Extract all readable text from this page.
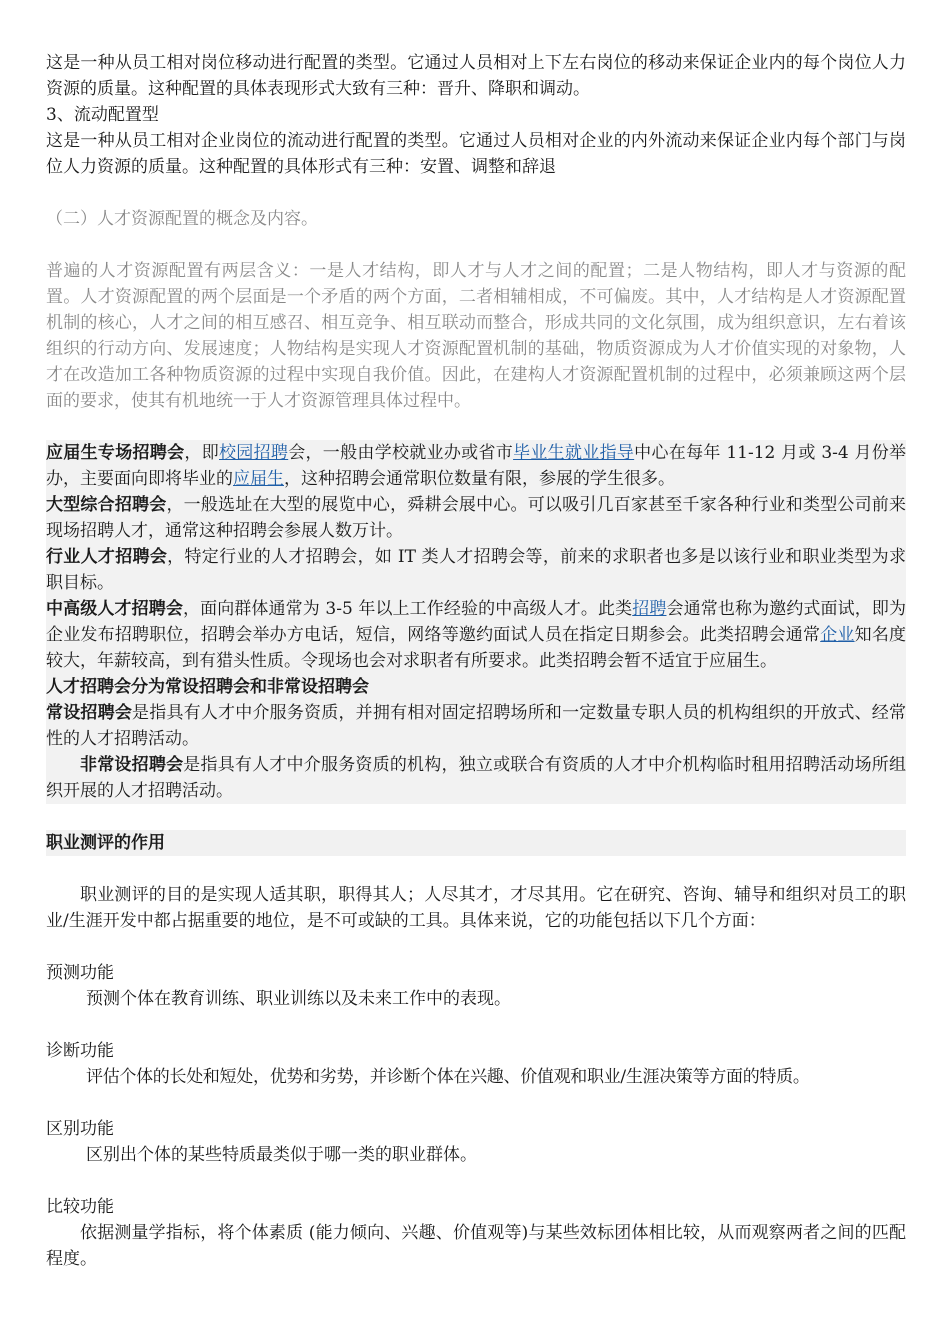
这是一种从员工相对岗位移动进行配置的类型。它通过人员相对上下左右岗位的移动来保证企业内的每个岗位人力资源的质量。这种配置的具体表现形式大致有三种：晋升、降职和调动。

3、流动配置型

这是一种从员工相对企业岗位的流动进行配置的类型。它通过人员相对企业的内外流动来保证企业内每个部门与岗位人力资源的质量。这种配置的具体形式有三种：安置、调整和辞退

（二）人才资源配置的概念及内容。

普遍的人才资源配置有两层含义：一是人才结构，即人才与人才之间的配置；二是人物结构，即人才与资源的配置。人才资源配置的两个层面是一个矛盾的两个方面，二者相辅相成，不可偏废。其中，人才结构是人才资源配置机制的核心，人才之间的相互感召、相互竞争、相互联动而整合，形成共同的文化氛围，成为组织意识，左右着该组织的行动方向、发展速度；人物结构是实现人才资源配置机制的基础，物质资源成为人才价值实现的对象物，人才在改造加工各种物质资源的过程中实现自我价值。因此，在建构人才资源配置机制的过程中，必须兼顾这两个层面的要求，使其有机地统一于人才资源管理具体过程中。

应届生专场招聘会，即校园招聘会，一般由学校就业办或省市毕业生就业指导中心在每年 11-12 月或 3-4 月份举办，主要面向即将毕业的应届生，这种招聘会通常职位数量有限，参展的学生很多。

大型综合招聘会，一般选址在大型的展览中心，舜耕会展中心。可以吸引几百家甚至千家各种行业和类型公司前来现场招聘人才，通常这种招聘会参展人数万计。

行业人才招聘会，特定行业的人才招聘会，如 IT 类人才招聘会等，前来的求职者也多是以该行业和职业类型为求职目标。

中高级人才招聘会，面向群体通常为 3-5 年以上工作经验的中高级人才。此类招聘会通常也称为邀约式面试，即为企业发布招聘职位，招聘会举办方电话，短信，网络等邀约面试人员在指定日期参会。此类招聘会通常企业知名度较大，年薪较高，到有猎头性质。令现场也会对求职者有所要求。此类招聘会暂不适宜于应届生。

人才招聘会分为常设招聘会和非常设招聘会

常设招聘会是指具有人才中介服务资质，并拥有相对固定招聘场所和一定数量专职人员的机构组织的开放式、经常性的人才招聘活动。

非常设招聘会是指具有人才中介服务资质的机构，独立或联合有资质的人才中介机构临时租用招聘活动场所组织开展的人才招聘活动。

职业测评的作用

职业测评的目的是实现人适其职，职得其人；人尽其才，才尽其用。它在研究、咨询、辅导和组织对员工的职业/生涯开发中都占据重要的地位，是不可或缺的工具。具体来说，它的功能包括以下几个方面：

预测功能

预测个体在教育训练、职业训练以及未来工作中的表现。

诊断功能

评估个体的长处和短处，优势和劣势，并诊断个体在兴趣、价值观和职业/生涯决策等方面的特质。

区别功能

区别出个体的某些特质最类似于哪一类的职业群体。

比较功能

依据测量学指标，将个体素质 (能力倾向、兴趣、价值观等)与某些效标团体相比较，从而观察两者之间的匹配程度。
